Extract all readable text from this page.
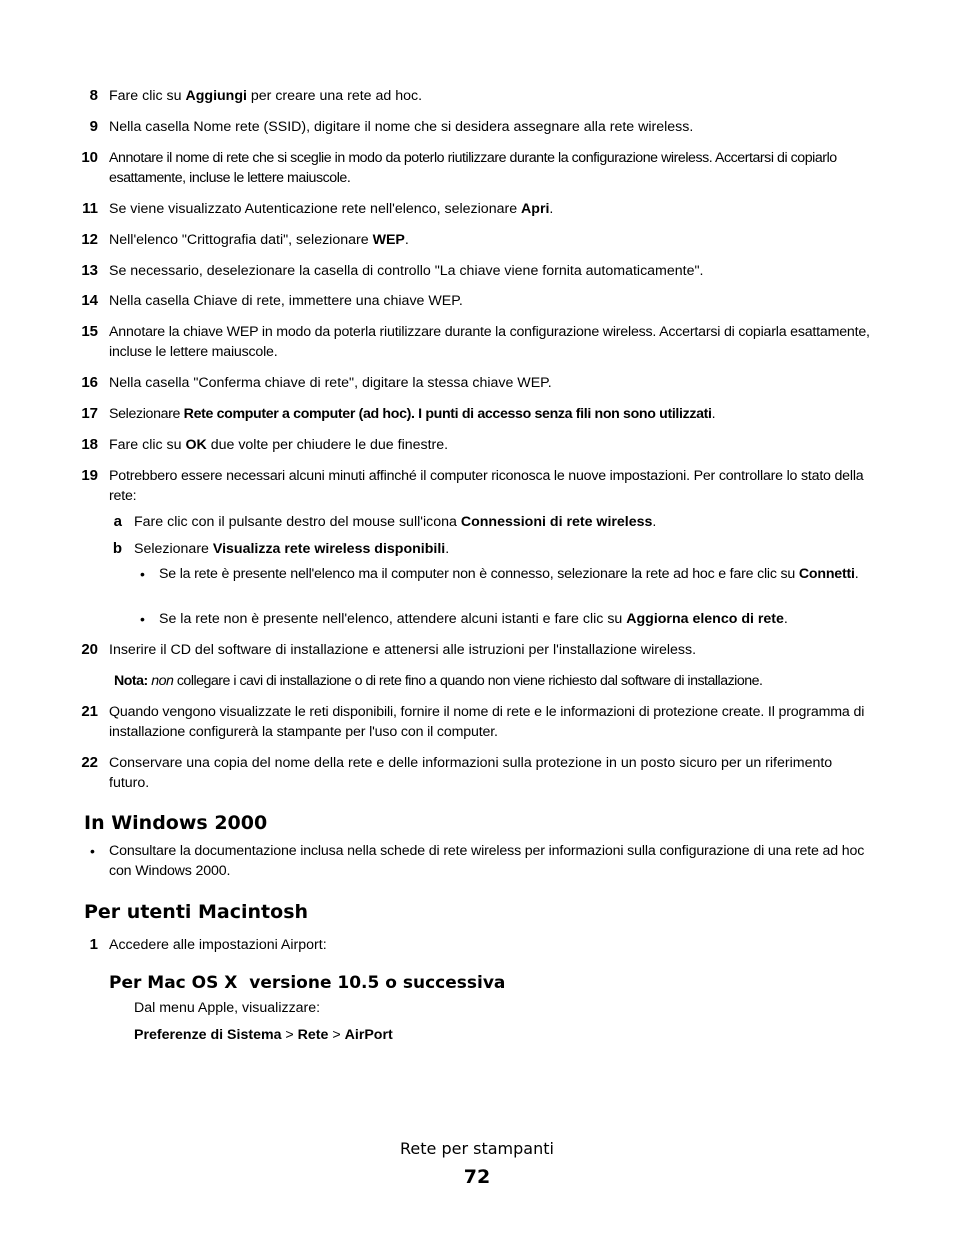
8 Fare clic su Aggiungi per creare una rete ad hoc.
9 Nella casella Nome rete (SSID), digitare il nome che si desidera assegnare alla rete wireless.
10 Annotare il nome di rete che si sceglie in modo da poterlo riutilizzare durante la configurazione wireless. Accertarsi di copiarlo esattamente, incluse le lettere maiuscole.
11 Se viene visualizzato Autenticazione rete nell'elenco, selezionare Apri.
12 Nell'elenco "Crittografia dati", selezionare WEP.
13 Se necessario, deselezionare la casella di controllo "La chiave viene fornita automaticamente".
14 Nella casella Chiave di rete, immettere una chiave WEP.
15 Annotare la chiave WEP in modo da poterla riutilizzare durante la configurazione wireless. Accertarsi di copiarla esattamente, incluse le lettere maiuscole.
16 Nella casella "Conferma chiave di rete", digitare la stessa chiave WEP.
17 Selezionare Rete computer a computer (ad hoc). I punti di accesso senza fili non sono utilizzati.
18 Fare clic su OK due volte per chiudere le due finestre.
19 Potrebbero essere necessari alcuni minuti affinché il computer riconosca le nuove impostazioni. Per controllare lo stato della rete:
a Fare clic con il pulsante destro del mouse sull'icona Connessioni di rete wireless.
b Selezionare Visualizza rete wireless disponibili.
• Se la rete è presente nell'elenco ma il computer non è connesso, selezionare la rete ad hoc e fare clic su Connetti.
• Se la rete non è presente nell'elenco, attendere alcuni istanti e fare clic su Aggiorna elenco di rete.
20 Inserire il CD del software di installazione e attenersi alle istruzioni per l'installazione wireless.
Nota: non collegare i cavi di installazione o di rete fino a quando non viene richiesto dal software di installazione.
21 Quando vengono visualizzate le reti disponibili, fornire il nome di rete e le informazioni di protezione create. Il programma di installazione configurerà la stampante per l'uso con il computer.
22 Conservare una copia del nome della rete e delle informazioni sulla protezione in un posto sicuro per un riferimento futuro.
In Windows 2000
• Consultare la documentazione inclusa nella schede di rete wireless per informazioni sulla configurazione di una rete ad hoc con Windows 2000.
Per utenti Macintosh
1 Accedere alle impostazioni Airport:
Per Mac OS X  versione 10.5 o successiva
Dal menu Apple, visualizzare:
Preferenze di Sistema > Rete > AirPort
Rete per stampanti
72
